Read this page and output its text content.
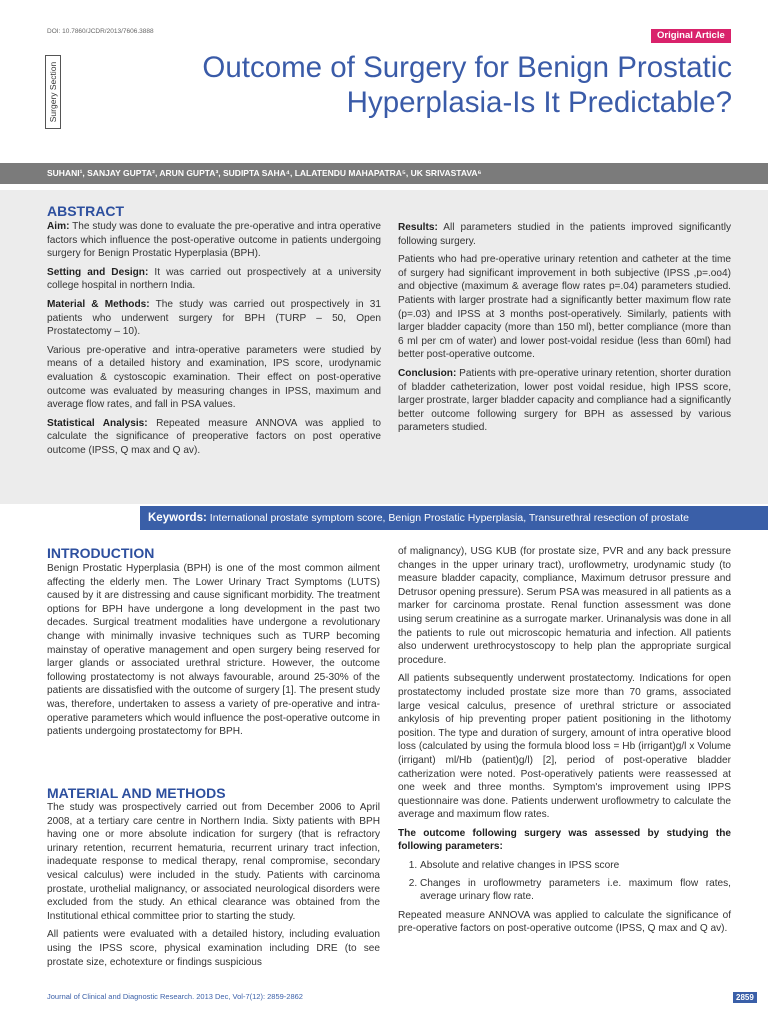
DOI: 10.7860/JCDR/2013/7606.3888	Original Article
Surgery Section	Outcome of Surgery for Benign Prostatic
Hyperplasia-Is It Predictable?
SUHANI¹, SANJAY GUPTA², ARUN GUPTA³, SUDIPTA SAHA⁴, LALATENDU MAHAPATRA⁵, UK SRIVASTAVA⁶
ABSTRACT

Aim: The study was done to evaluate the pre-operative and intra operative factors which influence the post-operative outcome in patients undergoing surgery for Benign Prostatic Hyperplasia (BPH).

Setting and Design: It was carried out prospectively at a university college hospital in northern India.

Material & Methods: The study was carried out prospectively in 31 patients who underwent surgery for BPH (TURP – 50, Open Prostatectomy – 10).

Various pre-operative and intra-operative parameters were studied by means of a detailed history and examination, IPS score, urodynamic evaluation & cystoscopic examination. Their effect on post-operative outcome was evaluated by measuring changes in IPSS, maximum and average flow rates, and fall in PSA values.

Statistical Analysis: Repeated measure ANNOVA was applied to calculate the significance of preoperative factors on post operative outcome (IPSS, Q max and Q av).

Results: All parameters studied in the patients improved significantly following surgery.

Patients who had pre-operative urinary retention and catheter at the time of surgery had significant improvement in both subjective (IPSS ,p=.oo4) and objective (maximum & average flow rates p=.04) parameters studied. Patients with larger prostrate had a significantly better maximum flow rate (p=.03) and IPSS at 3 months post-operatively. Similarly, patients with larger bladder capacity (more than 150 ml), better compliance (more than 6 ml per cm of water) and lower post-voidal residue (less than 60ml) had better post-operative outcome.

Conclusion: Patients with pre-operative urinary retention, shorter duration of bladder catheterization, lower post voidal residue, high IPSS score, larger prostrate, larger bladder capacity and compliance had a significantly better outcome following surgery for BPH as assessed by various parameters studied.

Keywords: International prostate symptom score, Benign Prostatic Hyperplasia, Transurethral resection of prostate
INTRODUCTION

Benign Prostatic Hyperplasia (BPH) is one of the most common ailment affecting the elderly men. The Lower Urinary Tract Symptoms (LUTS) caused by it are distressing and cause significant morbidity. The treatment options for BPH have undergone a long development in the past two decades. Surgical treatment modalities have undergone a revolutionary change with minimally invasive techniques such as TURP becoming mainstay of operative management and open surgery being reserved for larger glands or associated urethral stricture. However, the outcome following prostatectomy is not always favourable, around 25-30% of the patients are dissatisfied with the outcome of surgery [1]. The present study was, therefore, undertaken to assess a variety of pre-operative and intra-operative parameters which would influence the post-operative outcome in patients undergoing prostatectomy for BPH.

MATERIAL AND METHODS

The study was prospectively carried out from December 2006 to April 2008, at a tertiary care centre in Northern India. Sixty patients with BPH having one or more absolute indication for surgery (that is refractory urinary retention, recurrent hematuria, recurrent urinary tract infection, inadequate response to medical therapy, renal compromise, secondary vesical calculus) were included in the study. Patients with carcinoma prostate, urothelial malignancy, or associated neurological disorders were excluded from the study. An ethical clearance was obtained from the Institutional ethical committee prior to starting the study.

All patients were evaluated with a detailed history, including evaluation using the IPSS score, physical examination including DRE (to see prostate size, echotexture or findings suspicious

of malignancy), USG KUB (for prostate size, PVR and any back pressure changes in the upper urinary tract), uroflowmetry, urodynamic study (to measure bladder capacity, compliance, Maximum detrusor pressure and Detrusor opening pressure). Serum PSA was measured in all patients as a marker for carcinoma prostate. Renal function assessment was done using serum creatinine as a surrogate marker. Urinanalysis was done in all the patients to rule out microscopic hematuria and infection. All patients also underwent urethrocystoscopy to help plan the appropriate surgical procedure.

All patients subsequently underwent prostatectomy. Indications for open prostatectomy included prostate size more than 70 grams, associated large vesical calculus, presence of urethral stricture or associated ankylosis of hip preventing proper patient positioning in the lithotomy position. The type and duration of surgery, amount of intra operative blood loss (calculated by using the formula blood loss = Hb (irrigant)g/l x Volume (irrigant) ml/Hb (patient)g/l) [2], period of post-operative bladder catherization were noted. Post-operatively patients were reassessed at one week and three months. Symptom's improvement using IPPS questionnaire was done. Patients underwent uroflowmetry to calculate the average and maximum flow rates.

The outcome following surgery was assessed by studying the following parameters:

1. Absolute and relative changes in IPSS score
2. Changes in uroflowmetry parameters i.e. maximum flow rates, average urinary flow rate.

Repeated measure ANNOVA was applied to calculate the significance of pre-operative factors on post-operative outcome (IPSS, Q max and Q av).

Journal of Clinical and Diagnostic Research. 2013 Dec, Vol-7(12): 2859-2862	2859
